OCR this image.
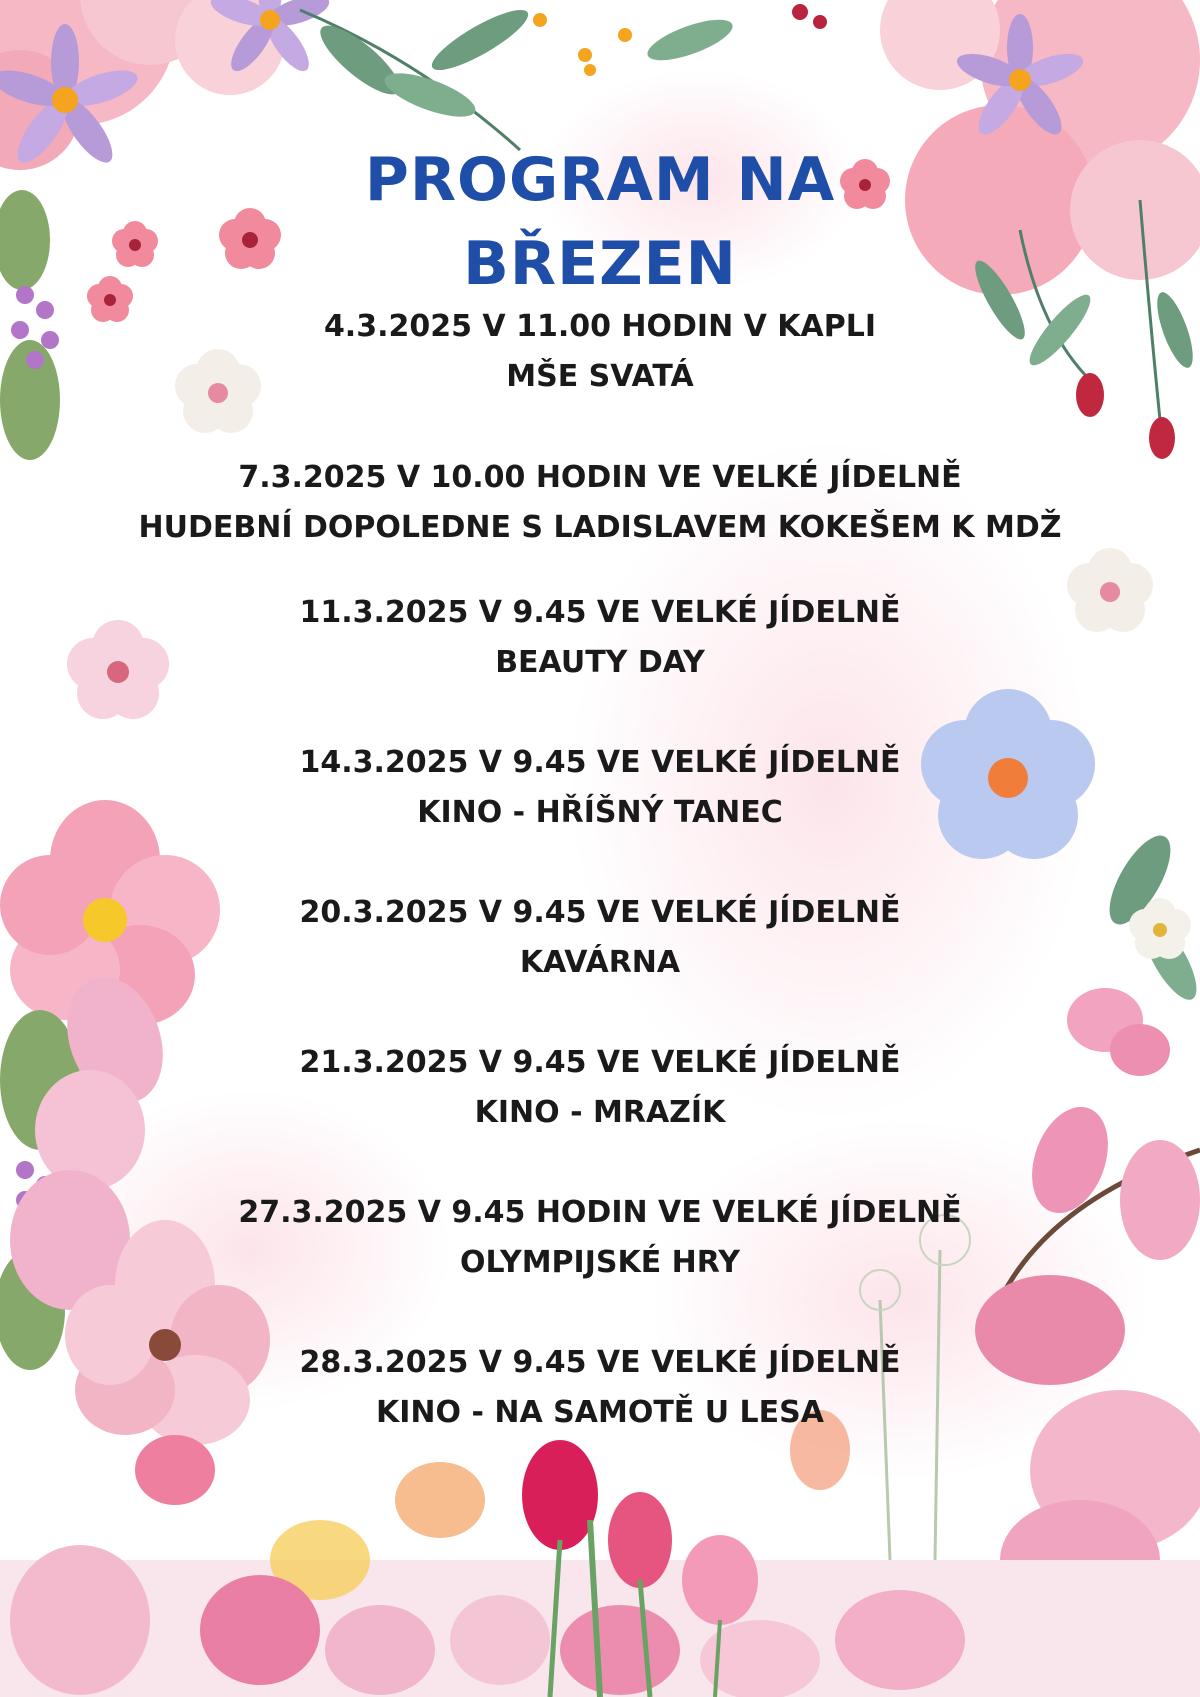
PROGRAM NA
BŘEZEN
4.3.2025 V 11.00 HODIN V KAPLI
MŠE SVATÁ
7.3.2025 V 10.00 HODIN VE VELKÉ JÍDELNĚ
HUDEBNÍ DOPOLEDNE S LADISLAVEM KOKEŠEM K MDŽ
11.3.2025 V 9.45 VE VELKÉ JÍDELNĚ
BEAUTY DAY
14.3.2025 V 9.45 VE VELKÉ JÍDELNĚ
KINO - HŘÍŠNÝ TANEC
20.3.2025 V 9.45 VE VELKÉ JÍDELNĚ
KAVÁRNA
21.3.2025 V 9.45 VE VELKÉ JÍDELNĚ
KINO - MRAZÍK
27.3.2025 V 9.45 HODIN VE VELKÉ JÍDELNĚ
OLYMPIJSKÉ HRY
28.3.2025 V 9.45 VE VELKÉ JÍDELNĚ
KINO - NA SAMOTĚ U LESA
